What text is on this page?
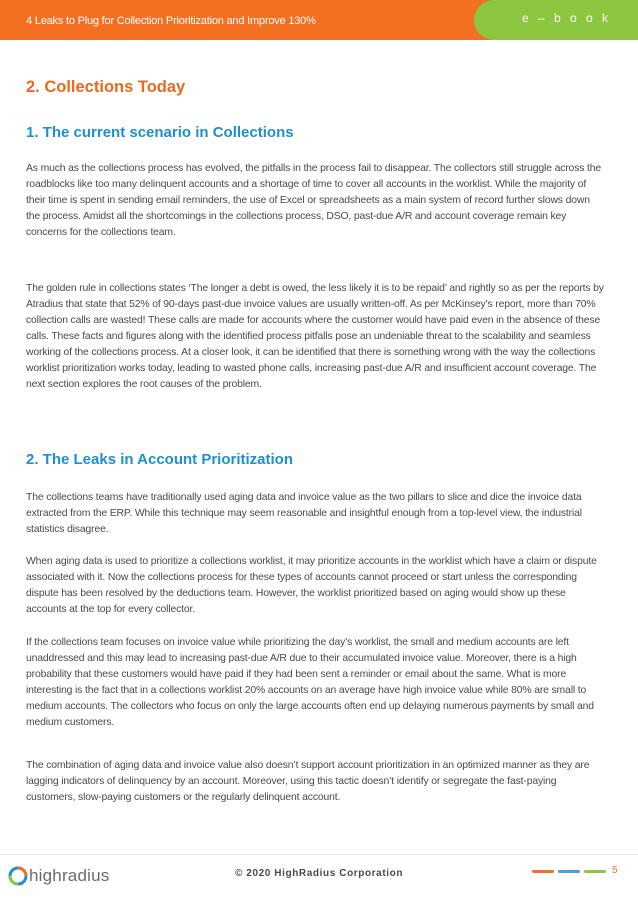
4 Leaks to Plug for Collection Prioritization and Improve 130%	e – b o o k
2. Collections Today
1. The current scenario in Collections
As much as the collections process has evolved, the pitfalls in the process fail to disappear. The collectors still struggle across the roadblocks like too many delinquent accounts and a shortage of time to cover all accounts in the worklist. While the majority of their time is spent in sending email reminders, the use of Excel or spreadsheets as a main system of record further slows down the process. Amidst all the shortcomings in the collections process, DSO, past-due A/R and account coverage remain key concerns for the collections team.
The golden rule in collections states ‘The longer a debt is owed, the less likely it is to be repaid’ and rightly so as per the reports by Atradius that state that 52% of 90-days past-due invoice values are usually written-off. As per McKinsey’s report, more than 70% collection calls are wasted! These calls are made for accounts where the customer would have paid even in the absence of these calls. These facts and figures along with the identified process pitfalls pose an undeniable threat to the scalability and seamless working of the collections process. At a closer look, it can be identified that there is something wrong with the way the collections worklist prioritization works today, leading to wasted phone calls, increasing past-due A/R and insufficient account coverage. The next section explores the root causes of the problem.
2. The Leaks in Account Prioritization
The collections teams have traditionally used aging data and invoice value as the two pillars to slice and dice the invoice data extracted from the ERP. While this technique may seem reasonable and insightful enough from a top-level view, the industrial statistics disagree.
When aging data is used to prioritize a collections worklist, it may prioritize accounts in the worklist which have a claim or dispute associated with it. Now the collections process for these types of accounts cannot proceed or start unless the corresponding dispute has been resolved by the deductions team. However, the worklist prioritized based on aging would show up these accounts at the top for every collector.
If the collections team focuses on invoice value while prioritizing the day’s worklist, the small and medium accounts are left unaddressed and this may lead to increasing past-due A/R due to their accumulated invoice value. Moreover, there is a high probability that these customers would have paid if they had been sent a reminder or email about the same. What is more interesting is the fact that in a collections worklist 20% accounts on an average have high invoice value while 80% are small to medium accounts. The collectors who focus on only the large accounts often end up delaying numerous payments by small and medium customers.
The combination of aging data and invoice value also doesn’t support account prioritization in an optimized manner as they are lagging indicators of delinquency by an account. Moreover, using this tactic doesn’t identify or segregate the fast-paying customers, slow-paying customers or the regularly delinquent account.
highradius	© 2020 HighRadius Corporation	5
